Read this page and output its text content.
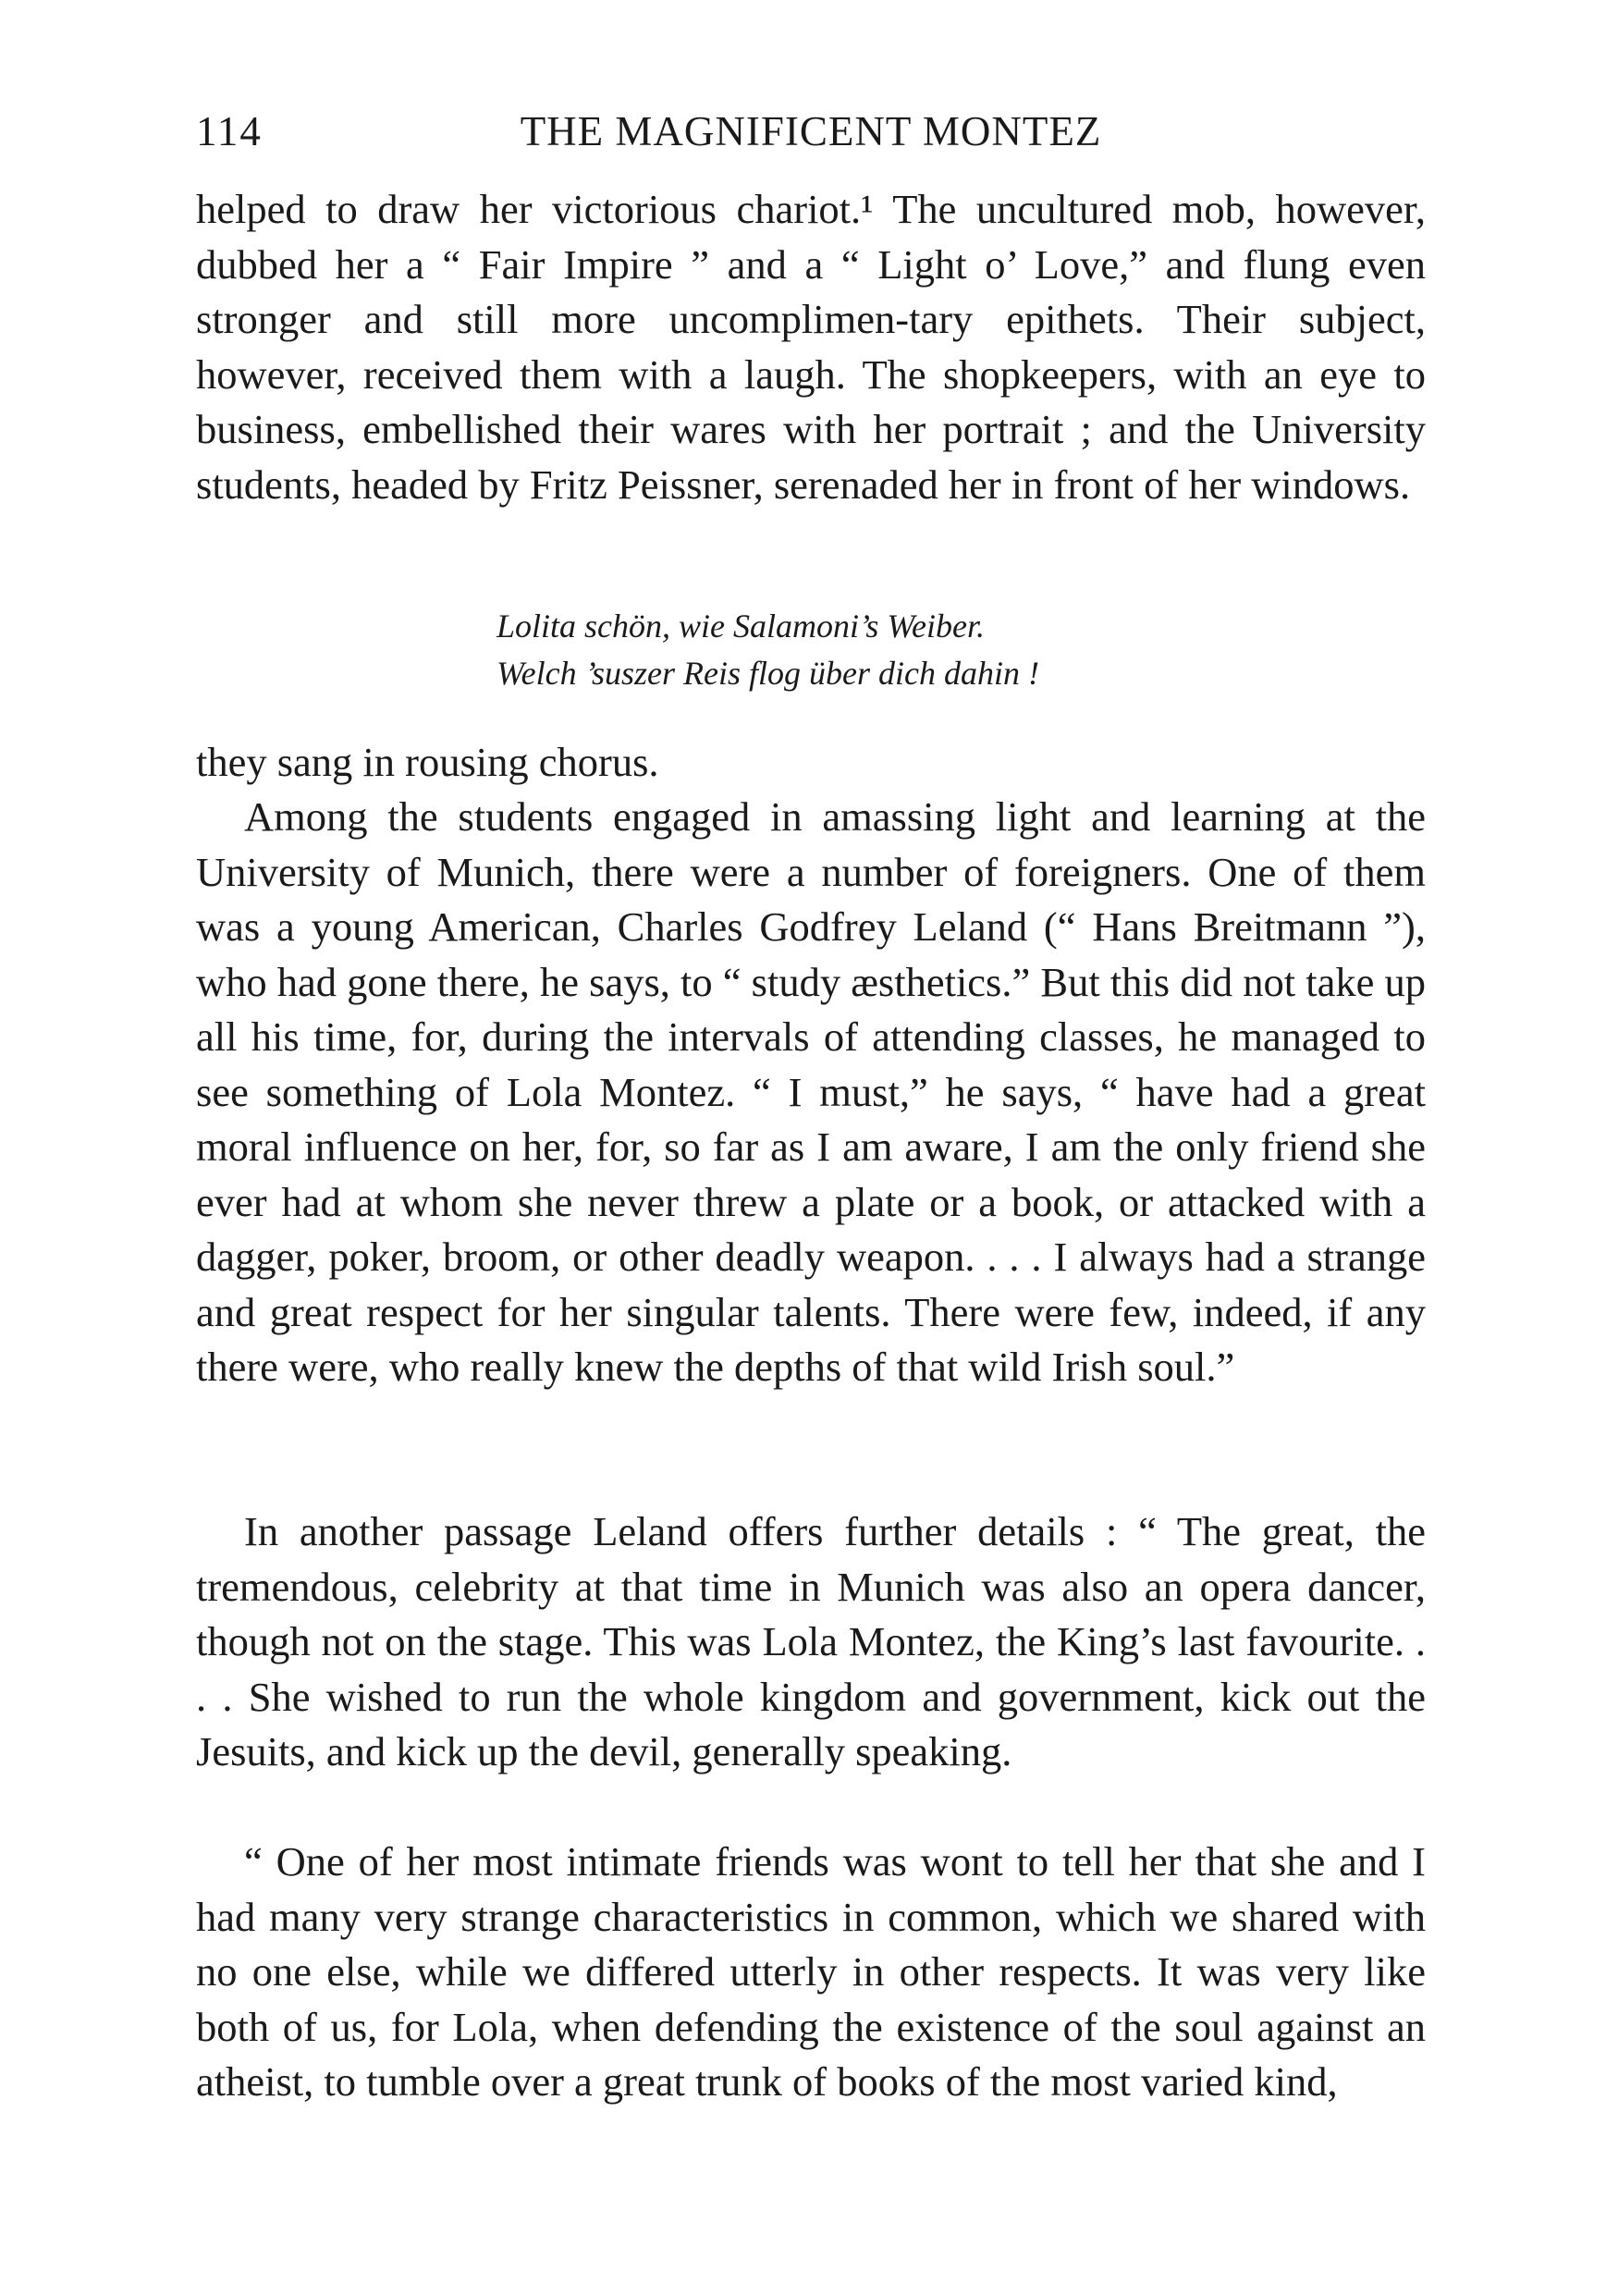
114	THE MAGNIFICENT MONTEZ

helped to draw her victorious chariot.¹ The uncultured mob, however, dubbed her a “ Fair Impire ” and a “ Light o’ Love,” and flung even stronger and still more uncomplimen-tary epithets. Their subject, however, received them with a laugh. The shopkeepers, with an eye to business, embellished their wares with her portrait ; and the University students, headed by Fritz Peissner, serenaded her in front of her windows.

Lolita schön, wie Salamoni’s Weiber.
Welch ’suszer Reis flog über dich dahin !

they sang in rousing chorus.

Among the students engaged in amassing light and learning at the University of Munich, there were a number of foreigners. One of them was a young American, Charles Godfrey Leland (“ Hans Breitmann ”), who had gone there, he says, to “ study æsthetics.” But this did not take up all his time, for, during the intervals of attending classes, he managed to see something of Lola Montez. “ I must,” he says, “ have had a great moral influence on her, for, so far as I am aware, I am the only friend she ever had at whom she never threw a plate or a book, or attacked with a dagger, poker, broom, or other deadly weapon. . . . I always had a strange and great respect for her singular talents. There were few, indeed, if any there were, who really knew the depths of that wild Irish soul.”

In another passage Leland offers further details : “ The great, the tremendous, celebrity at that time in Munich was also an opera dancer, though not on the stage. This was Lola Montez, the King’s last favourite. . . . She wished to run the whole kingdom and government, kick out the Jesuits, and kick up the devil, generally speaking.

“ One of her most intimate friends was wont to tell her that she and I had many very strange characteristics in common, which we shared with no one else, while we differed utterly in other respects. It was very like both of us, for Lola, when defending the existence of the soul against an atheist, to tumble over a great trunk of books of the most varied kind,
